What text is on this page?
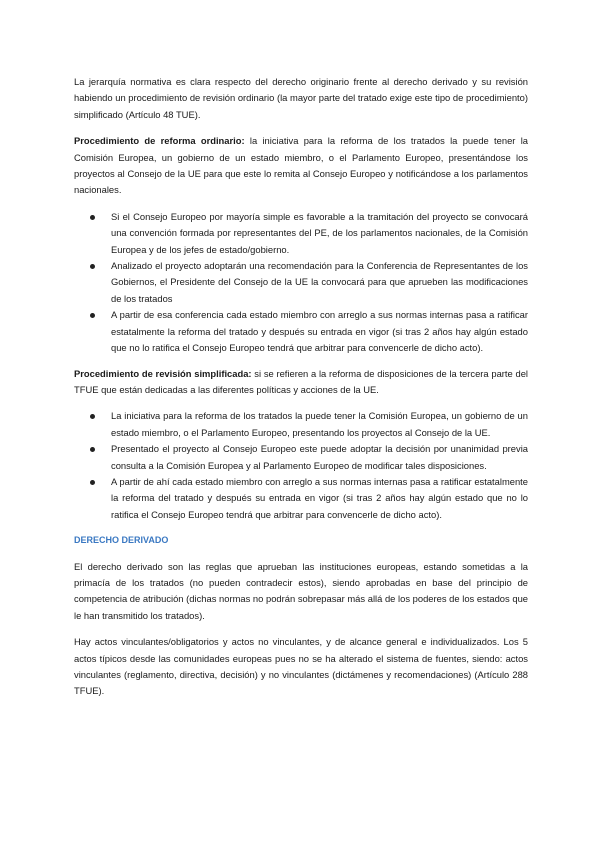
La jerarquía normativa es clara respecto del derecho originario frente al derecho derivado y su revisión habiendo un procedimiento de revisión ordinario (la mayor parte del tratado exige este tipo de procedimiento) simplificado (Artículo 48 TUE).

Procedimiento de reforma ordinario: la iniciativa para la reforma de los tratados la puede tener la Comisión Europea, un gobierno de un estado miembro, o el Parlamento Europeo, presentándose los proyectos al Consejo de la UE para que este lo remita al Consejo Europeo y notificándose a los parlamentos nacionales.

Si el Consejo Europeo por mayoría simple es favorable a la tramitación del proyecto se convocará una convención formada por representantes del PE, de los parlamentos nacionales, de la Comisión Europea y de los jefes de estado/gobierno.
Analizado el proyecto adoptarán una recomendación para la Conferencia de Representantes de los Gobiernos, el Presidente del Consejo de la UE la convocará para que aprueben las modificaciones de los tratados
A partir de esa conferencia cada estado miembro con arreglo a sus normas internas pasa a ratificar estatalmente la reforma del tratado y después su entrada en vigor (si tras 2 años hay algún estado que no lo ratifica el Consejo Europeo tendrá que arbitrar para convencerle de dicho acto).

Procedimiento de revisión simplificada: si se refieren a la reforma de disposiciones de la tercera parte del TFUE que están dedicadas a las diferentes políticas y acciones de la UE.

La iniciativa para la reforma de los tratados la puede tener la Comisión Europea, un gobierno de un estado miembro, o el Parlamento Europeo, presentando los proyectos al Consejo de la UE.
Presentado el proyecto al Consejo Europeo este puede adoptar la decisión por unanimidad previa consulta a la Comisión Europea y al Parlamento Europeo de modificar tales disposiciones.
A partir de ahí cada estado miembro con arreglo a sus normas internas pasa a ratificar estatalmente la reforma del tratado y después su entrada en vigor (si tras 2 años hay algún estado que no lo ratifica el Consejo Europeo tendrá que arbitrar para convencerle de dicho acto).
DERECHO DERIVADO

El derecho derivado son las reglas que aprueban las instituciones europeas, estando sometidas a la primacía de los tratados (no pueden contradecir estos), siendo aprobadas en base del principio de competencia de atribución (dichas normas no podrán sobrepasar más allá de los poderes de los estados que le han transmitido los tratados).

Hay actos vinculantes/obligatorios y actos no vinculantes, y de alcance general e individualizados. Los 5 actos típicos desde las comunidades europeas pues no se ha alterado el sistema de fuentes, siendo: actos vinculantes (reglamento, directiva, decisión) y no vinculantes (dictámenes y recomendaciones) (Artículo 288 TFUE).
